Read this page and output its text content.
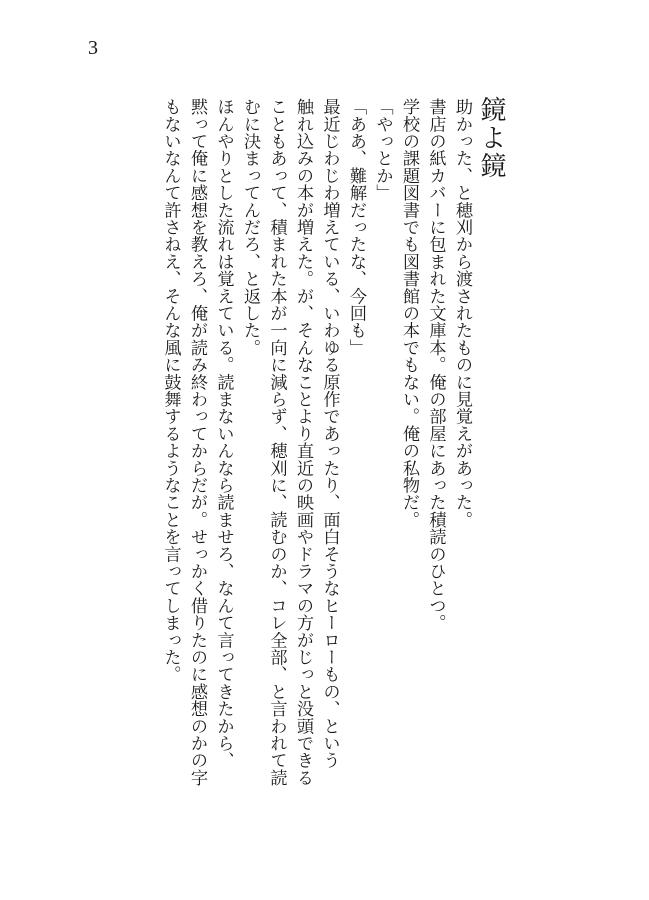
3
鏡よ鏡
助かった、と穂刈から渡されたものに見覚えがあった。
書店の紙カバーに包まれた文庫本。俺の部屋にあった積読のひとつ。
学校の課題図書でも図書館の本でもない。俺の私物だ。
「やっとか」
「ああ、難解だったな、今回も」
最近じわじわ増えている、いわゆる原作であったり、面白そうなヒーローもの、という
触れ込みの本が増えた。が、そんなことより直近の映画やドラマの方がじっと没頭できる
こともあって、積まれた本が一向に減らず、穂刈に、読むのか、コレ全部、と言われて読
むに決まってんだろ、と返した。
ほんやりとした流れは覚えている。読まないんなら読ませろ、なんて言ってきたから、
黙って俺に感想を教えろ、俺が読み終わってからだが。せっかく借りたのに感想のかの字
もないなんて許さねえ、そんな風に鼓舞するようなことを言ってしまった。
